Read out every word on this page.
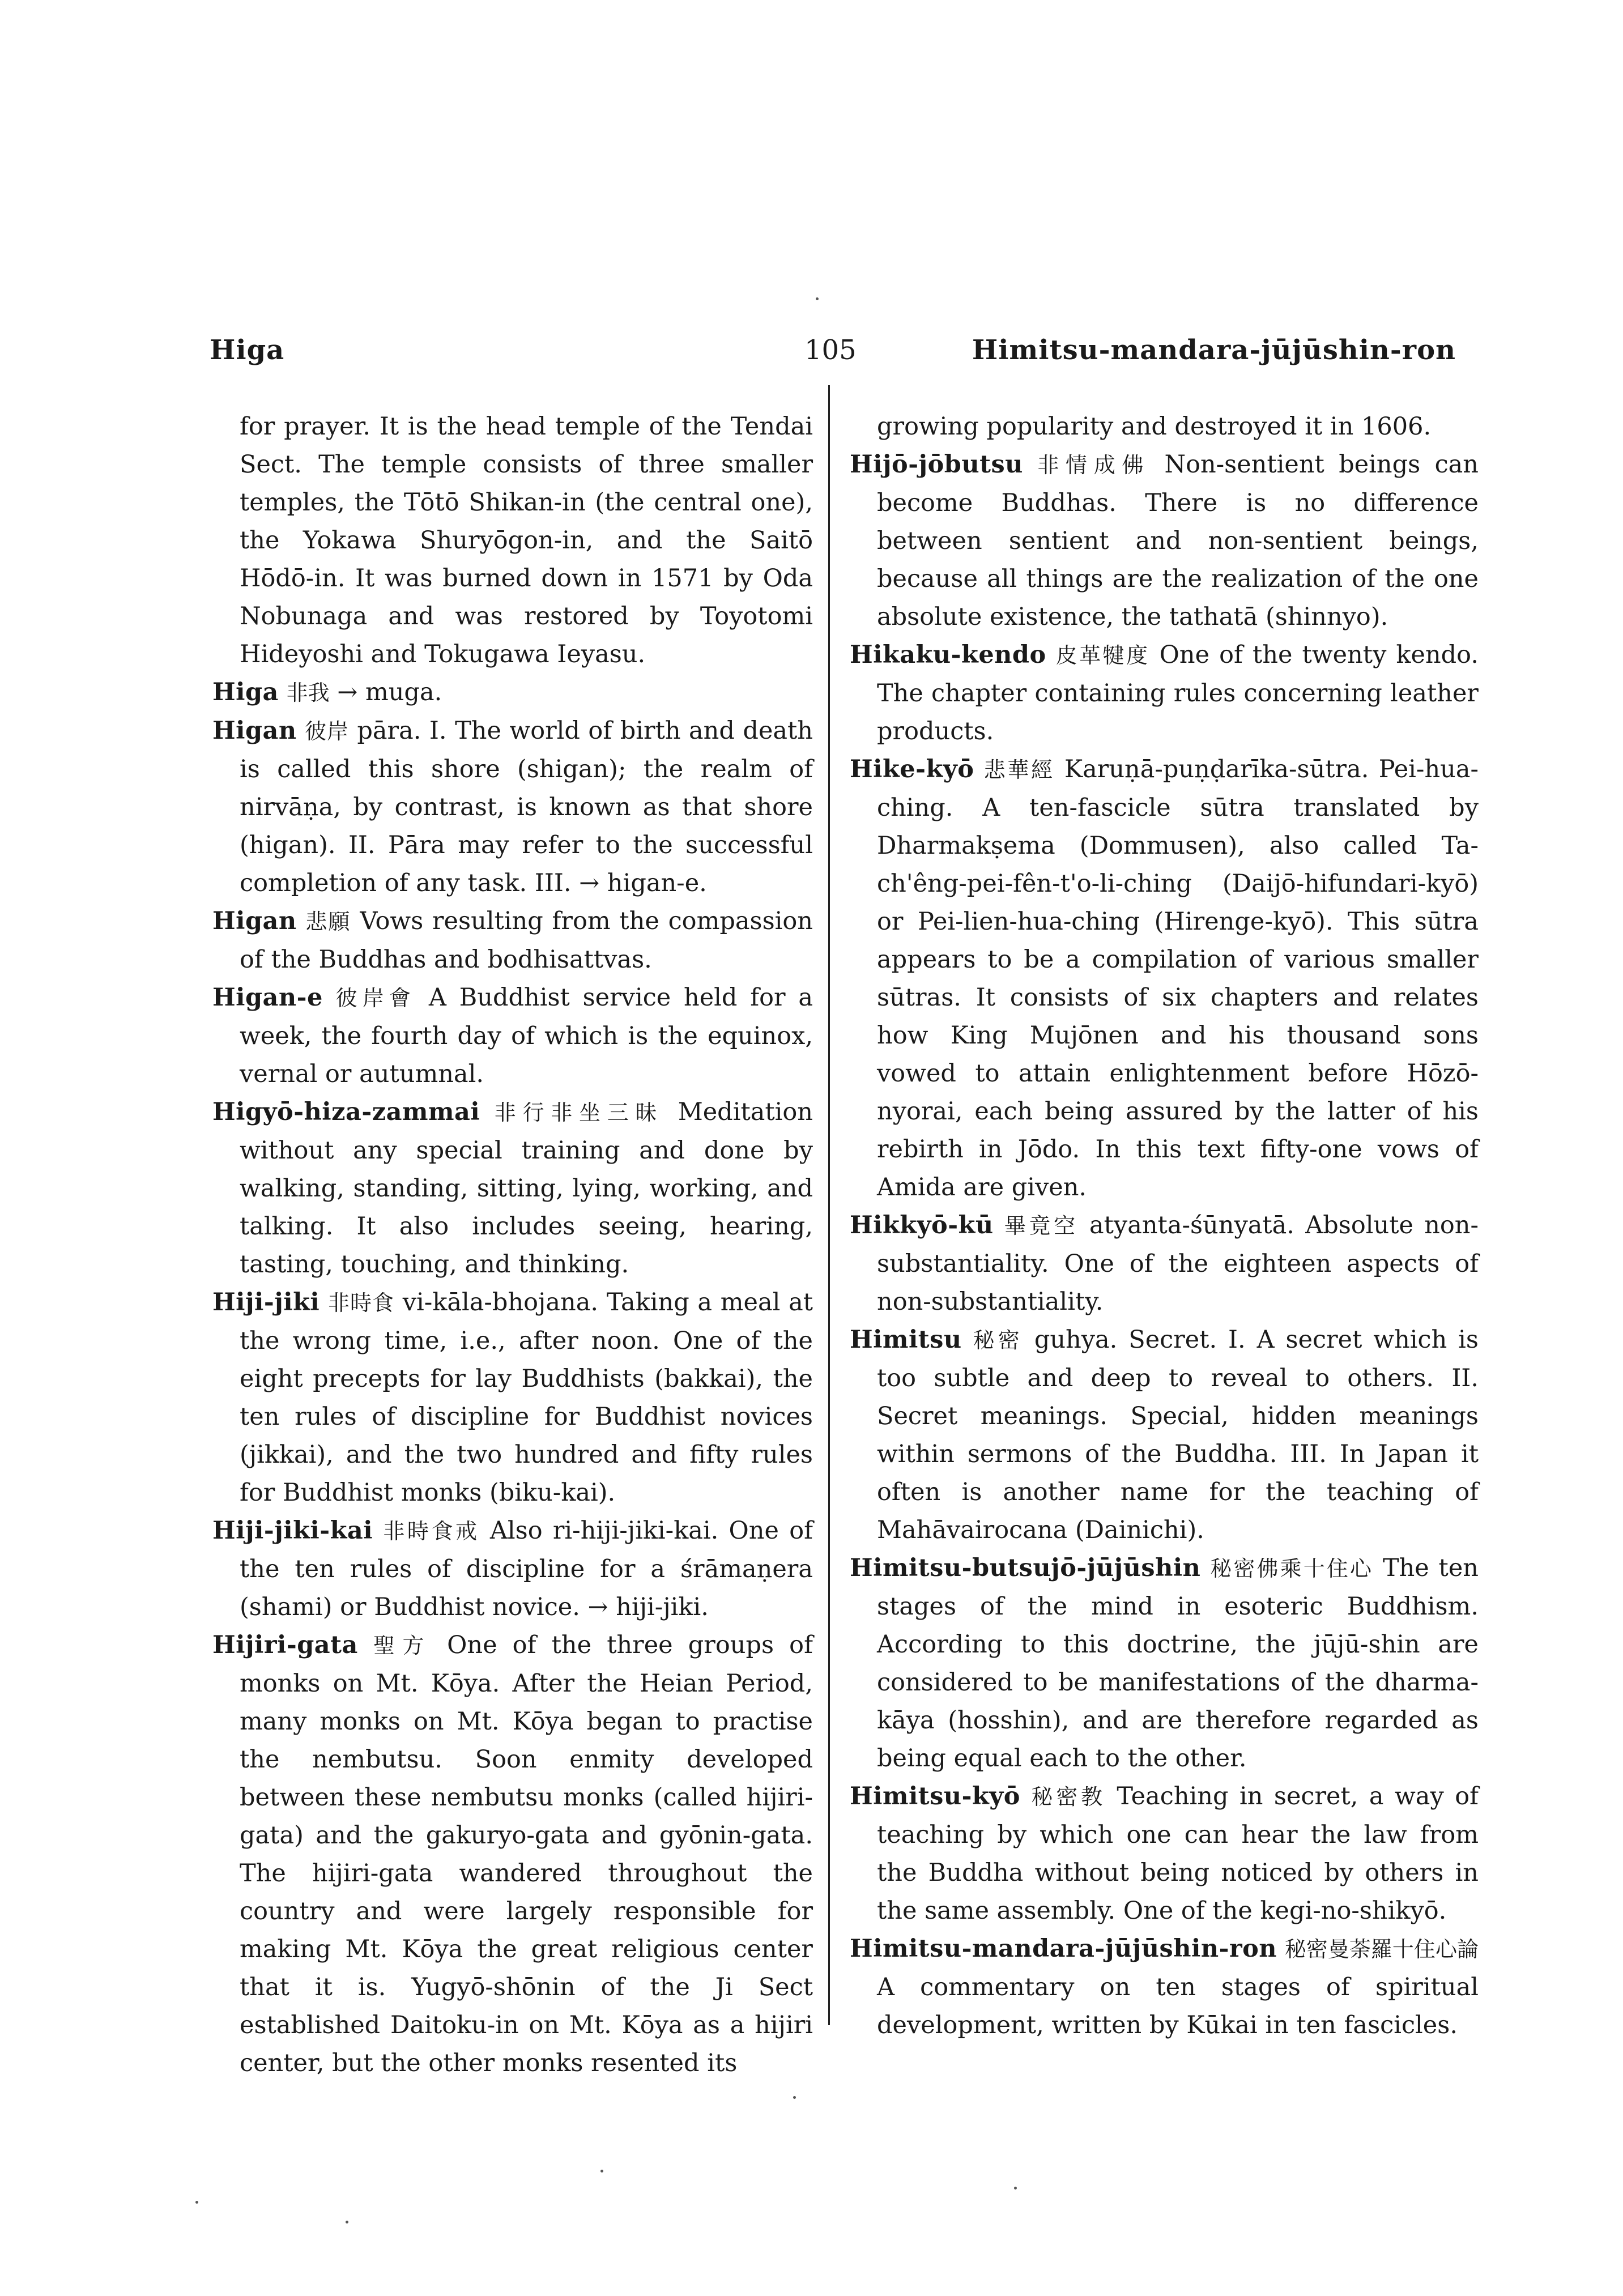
Higa	105	Himitsu-mandara-jūjūshin-ron

for prayer. It is the head temple of the Tendai Sect. The temple consists of three smaller temples, the Tōtō Shikan-in (the central one), the Yokawa Shuryōgon-in, and the Saitō Hōdō-in. It was burned down in 1571 by Oda Nobunaga and was restored by Toyotomi Hideyoshi and Tokugawa Ieyasu.

Higa 非我 → muga.

Higan 彼岸 pāra. I. The world of birth and death is called this shore (shigan); the realm of nirvāṇa, by contrast, is known as that shore (higan). II. Pāra may refer to the successful completion of any task. III. → higan-e.

Higan 悲願 Vows resulting from the compassion of the Buddhas and bodhisattvas.

Higan-e 彼岸會 A Buddhist service held for a week, the fourth day of which is the equinox, vernal or autumnal.

Higyō-hiza-zammai 非行非坐三昧 Meditation without any special training and done by walking, standing, sitting, lying, working, and talking. It also includes seeing, hearing, tasting, touching, and thinking.

Hiji-jiki 非時食 vi-kāla-bhojana. Taking a meal at the wrong time, i.e., after noon. One of the eight precepts for lay Buddhists (bakkai), the ten rules of discipline for Buddhist novices (jikkai), and the two hundred and fifty rules for Buddhist monks (biku-kai).

Hiji-jiki-kai 非時食戒 Also ri-hiji-jiki-kai. One of the ten rules of discipline for a śrāmaṇera (shami) or Buddhist novice. → hiji-jiki.

Hijiri-gata 聖方 One of the three groups of monks on Mt. Kōya. After the Heian Period, many monks on Mt. Kōya began to practise the nembutsu. Soon enmity developed between these nembutsu monks (called hijiri-gata) and the gakuryo-gata and gyōnin-gata. The hijiri-gata wandered throughout the country and were largely responsible for making Mt. Kōya the great religious center that it is. Yugyō-shōnin of the Ji Sect established Daitoku-in on Mt. Kōya as a hijiri center, but the other monks resented its

growing popularity and destroyed it in 1606.

Hijō-jōbutsu 非情成佛 Non-sentient beings can become Buddhas. There is no difference between sentient and non-sentient beings, because all things are the realization of the one absolute existence, the tathatā (shinnyo).

Hikaku-kendo 皮革犍度 One of the twenty kendo. The chapter containing rules concerning leather products.

Hike-kyō 悲華經 Karuṇā-puṇḍarīka-sūtra. Pei-hua-ching. A ten-fascicle sūtra translated by Dharmakṣema (Dommusen), also called Ta-ch'êng-pei-fên-t'o-li-ching (Daijō-hifundari-kyō) or Pei-lien-hua-ching (Hirenge-kyō). This sūtra appears to be a compilation of various smaller sūtras. It consists of six chapters and relates how King Mujōnen and his thousand sons vowed to attain enlightenment before Hōzō-nyorai, each being assured by the latter of his rebirth in Jōdo. In this text fifty-one vows of Amida are given.

Hikkyō-kū 畢竟空 atyanta-śūnyatā. Absolute non-substantiality. One of the eighteen aspects of non-substantiality.

Himitsu 秘密 guhya. Secret. I. A secret which is too subtle and deep to reveal to others. II. Secret meanings. Special, hidden meanings within sermons of the Buddha. III. In Japan it often is another name for the teaching of Mahāvairocana (Dainichi).

Himitsu-butsujō-jūjūshin 秘密佛乘十住心 The ten stages of the mind in esoteric Buddhism. According to this doctrine, the jūjū-shin are considered to be manifestations of the dharma-kāya (hosshin), and are therefore regarded as being equal each to the other.

Himitsu-kyō 秘密教 Teaching in secret, a way of teaching by which one can hear the law from the Buddha without being noticed by others in the same assembly. One of the kegi-no-shikyō.

Himitsu-mandara-jūjūshin-ron 秘密曼荼羅十住心論 A commentary on ten stages of spiritual development, written by Kūkai in ten fascicles.
